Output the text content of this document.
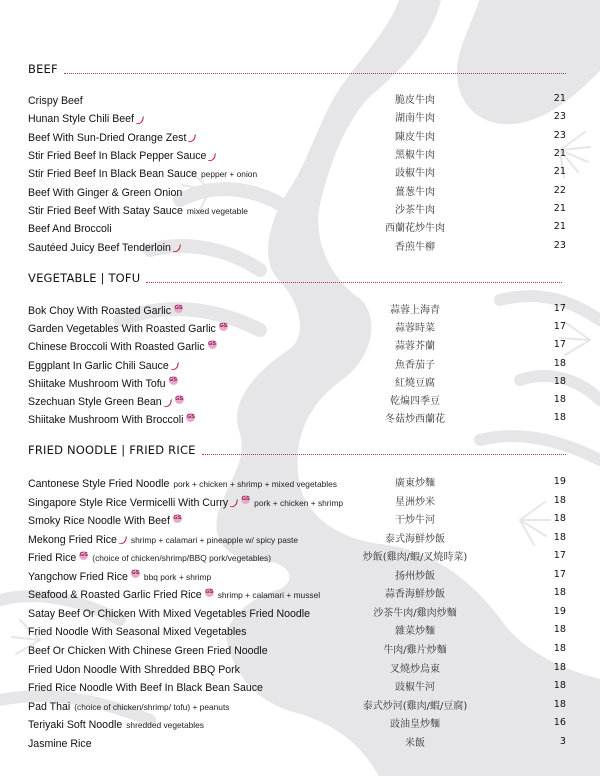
BEEF
Crispy Beef	脆皮牛肉	21
Hunan Style Chili Beef	湖南牛肉	23
Beef With Sun-Dried Orange Zest	陳皮牛肉	23
Stir Fried Beef In Black Pepper Sauce	黑椒牛肉	21
Stir Fried Beef In Black Bean Sauce pepper + onion	豉椒牛肉	21
Beef With Ginger & Green Onion	薑葱牛肉	22
Stir Fried Beef With Satay Sauce mixed vegetable	沙茶牛肉	21
Beef And Broccoli	西蘭花炒牛肉	21
Sautéed Juicy Beef Tenderloin	香煎牛柳	23
VEGETABLE | TOFU
Bok Choy With Roasted Garlic GS	蒜蓉上海青	17
Garden Vegetables With Roasted Garlic GS	蒜蓉時菜	17
Chinese Broccoli With Roasted Garlic GS	蒜蓉芥蘭	17
Eggplant In Garlic Chili Sauce	魚香茄子	18
Shiitake Mushroom With Tofu GS	紅燒豆腐	18
Szechuan Style Green Bean GS	乾煸四季豆	18
Shiitake Mushroom With Broccoli GS	冬菇炒西蘭花	18
FRIED NOODLE | FRIED RICE
Cantonese Style Fried Noodle pork + chicken + shrimp + mixed vegetables	廣東炒麵	19
Singapore Style Rice Vermicelli With Curry GS pork + chicken + shrimp	星洲炒米	18
Smoky Rice Noodle With Beef GS	干炒牛河	18
Mekong Fried Rice shrimp + calamari + pineapple w/ spicy paste	泰式海鮮炒飯	18
Fried Rice GS (choice of chicken/shrimp/BBQ pork/vegetables)	炒飯(雞肉/蝦/叉燒時菜)	17
Yangchow Fried Rice GS bbq pork + shrimp	扬州炒飯	17
Seafood & Roasted Garlic Fried Rice GS shrimp + calamari + mussel	蒜香海鮮炒飯	18
Satay Beef Or Chicken With Mixed Vegetables Fried Noodle	沙茶牛肉/雞肉炒麵	19
Fried Noodle With Seasonal Mixed Vegetables	雜菜炒麵	18
Beef Or Chicken With Chinese Green Fried Noodle	牛肉/雞片炒麵	18
Fried Udon Noodle With Shredded BBQ Pork	叉燒炒烏東	18
Fried Rice Noodle With Beef In Black Bean Sauce	豉椒牛河	18
Pad Thai (choice of chicken/shrimp/ tofu) + peanuts	泰式炒河(雞肉/蝦/豆腐)	18
Teriyaki Soft Noodle shredded vegetables	豉油皇炒麵	16
Jasmine Rice	米飯	3
